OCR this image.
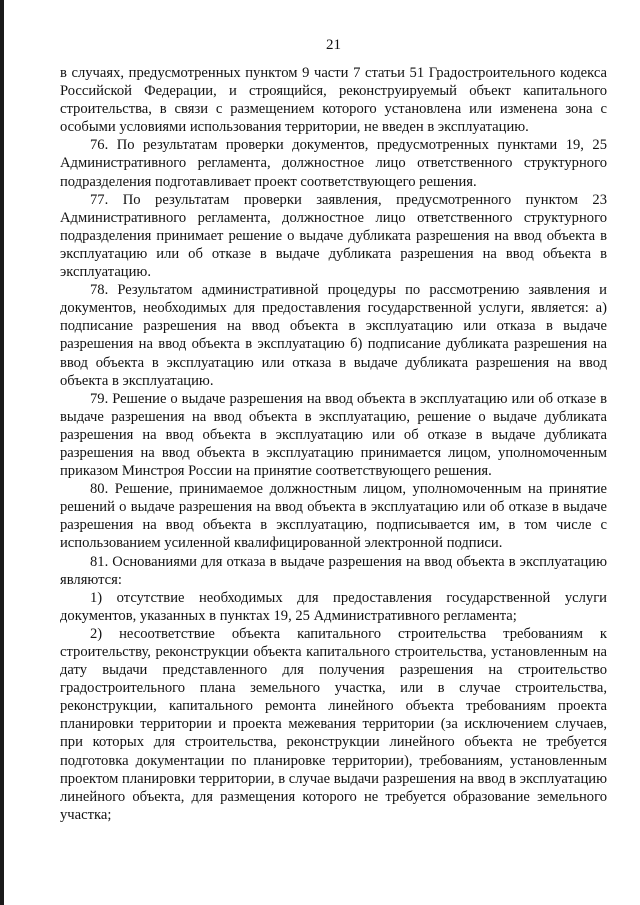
21

в случаях, предусмотренных пунктом 9 части 7 статьи 51 Градостроительного кодекса Российской Федерации, и строящийся, реконструируемый объект капитального строительства, в связи с размещением которого установлена или изменена зона с особыми условиями использования территории, не введен в эксплуатацию.

76. По результатам проверки документов, предусмотренных пунктами 19, 25 Административного регламента, должностное лицо ответственного структурного подразделения подготавливает проект соответствующего решения.

77. По результатам проверки заявления, предусмотренного пунктом 23 Административного регламента, должностное лицо ответственного структурного подразделения принимает решение о выдаче дубликата разрешения на ввод объекта в эксплуатацию или об отказе в выдаче дубликата разрешения на ввод объекта в эксплуатацию.

78. Результатом административной процедуры по рассмотрению заявления и документов, необходимых для предоставления государственной услуги, является: а) подписание разрешения на ввод объекта в эксплуатацию или отказа в выдаче разрешения на ввод объекта в эксплуатацию б) подписание дубликата разрешения на ввод объекта в эксплуатацию или отказа в выдаче дубликата разрешения на ввод объекта в эксплуатацию.

79. Решение о выдаче разрешения на ввод объекта в эксплуатацию или об отказе в выдаче разрешения на ввод объекта в эксплуатацию, решение о выдаче дубликата разрешения на ввод объекта в эксплуатацию или об отказе в выдаче дубликата разрешения на ввод объекта в эксплуатацию принимается лицом, уполномоченным приказом Минстроя России на принятие соответствующего решения.

80. Решение, принимаемое должностным лицом, уполномоченным на принятие решений о выдаче разрешения на ввод объекта в эксплуатацию или об отказе в выдаче разрешения на ввод объекта в эксплуатацию, подписывается им, в том числе с использованием усиленной квалифицированной электронной подписи.

81. Основаниями для отказа в выдаче разрешения на ввод объекта в эксплуатацию являются:

1) отсутствие необходимых для предоставления государственной услуги документов, указанных в пунктах 19, 25 Административного регламента;

2) несоответствие объекта капитального строительства требованиям к строительству, реконструкции объекта капитального строительства, установленным на дату выдачи представленного для получения разрешения на строительство градостроительного плана земельного участка, или в случае строительства, реконструкции, капитального ремонта линейного объекта требованиям проекта планировки территории и проекта межевания территории (за исключением случаев, при которых для строительства, реконструкции линейного объекта не требуется подготовка документации по планировке территории), требованиям, установленным проектом планировки территории, в случае выдачи разрешения на ввод в эксплуатацию линейного объекта, для размещения которого не требуется образование земельного участка;
